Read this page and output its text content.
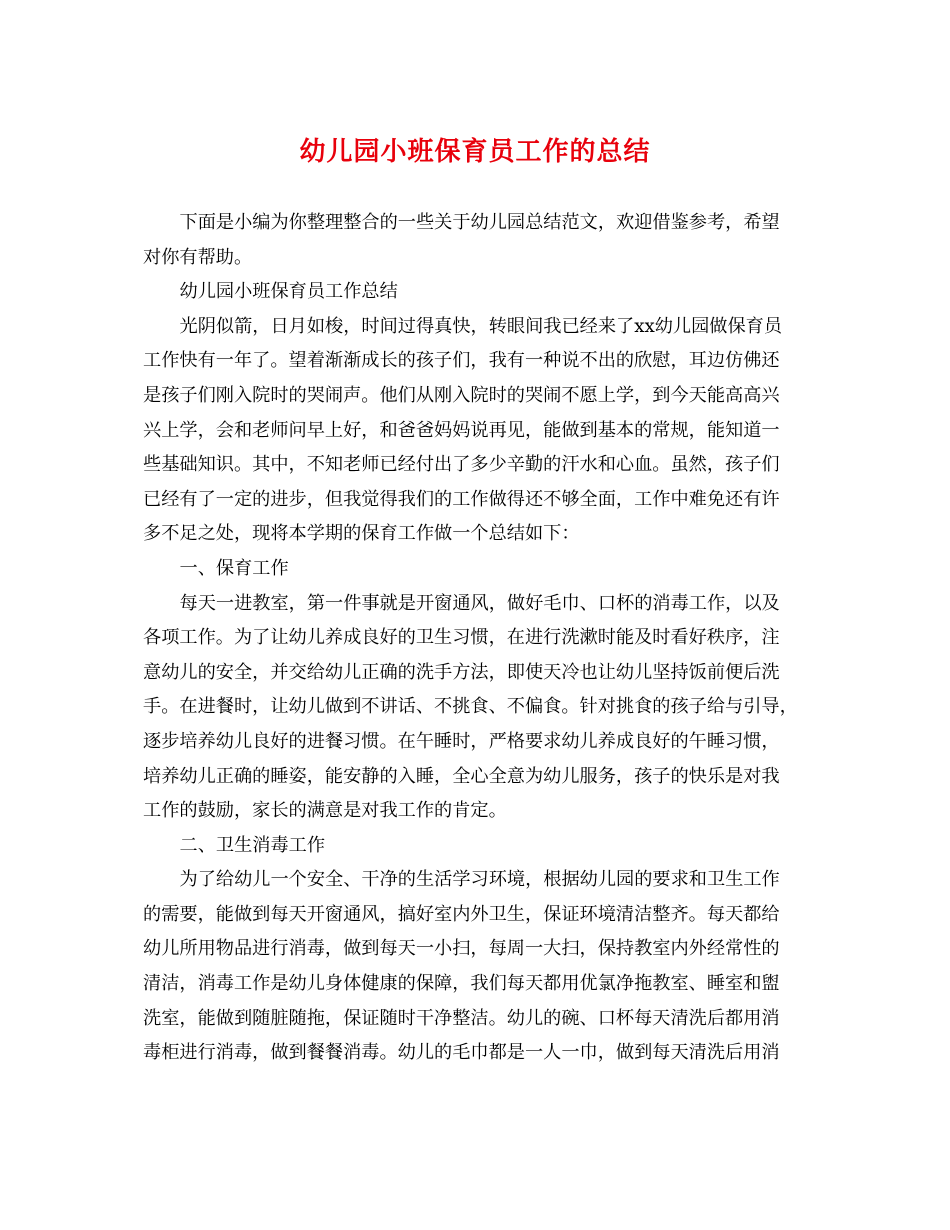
幼儿园小班保育员工作的总结
下面是小编为你整理整合的一些关于幼儿园总结范文，欢迎借鉴参考，希望
对你有帮助。
幼儿园小班保育员工作总结
光阴似箭，日月如梭，时间过得真快，转眼间我已经来了xx幼儿园做保育员
工作快有一年了。望着渐渐成长的孩子们，我有一种说不出的欣慰，耳边仿佛还
是孩子们刚入院时的哭闹声。他们从刚入院时的哭闹不愿上学，到今天能高高兴
兴上学，会和老师问早上好，和爸爸妈妈说再见，能做到基本的常规，能知道一
些基础知识。其中，不知老师已经付出了多少辛勤的汗水和心血。虽然，孩子们
已经有了一定的进步，但我觉得我们的工作做得还不够全面，工作中难免还有许
多不足之处，现将本学期的保育工作做一个总结如下：
一、保育工作
每天一进教室，第一件事就是开窗通风，做好毛巾、口杯的消毒工作，以及
各项工作。为了让幼儿养成良好的卫生习惯，在进行洗漱时能及时看好秩序，注
意幼儿的安全，并交给幼儿正确的洗手方法，即使天冷也让幼儿坚持饭前便后洗
手。在进餐时，让幼儿做到不讲话、不挑食、不偏食。针对挑食的孩子给与引导，
逐步培养幼儿良好的进餐习惯。在午睡时，严格要求幼儿养成良好的午睡习惯，
培养幼儿正确的睡姿，能安静的入睡，全心全意为幼儿服务，孩子的快乐是对我
工作的鼓励，家长的满意是对我工作的肯定。
二、卫生消毒工作
为了给幼儿一个安全、干净的生活学习环境，根据幼儿园的要求和卫生工作
的需要，能做到每天开窗通风，搞好室内外卫生，保证环境清洁整齐。每天都给
幼儿所用物品进行消毒，做到每天一小扫，每周一大扫，保持教室内外经常性的
清洁，消毒工作是幼儿身体健康的保障，我们每天都用优氯净拖教室、睡室和盥
洗室，能做到随脏随拖，保证随时干净整洁。幼儿的碗、口杯每天清洗后都用消
毒柜进行消毒，做到餐餐消毒。幼儿的毛巾都是一人一巾，做到每天清洗后用消
